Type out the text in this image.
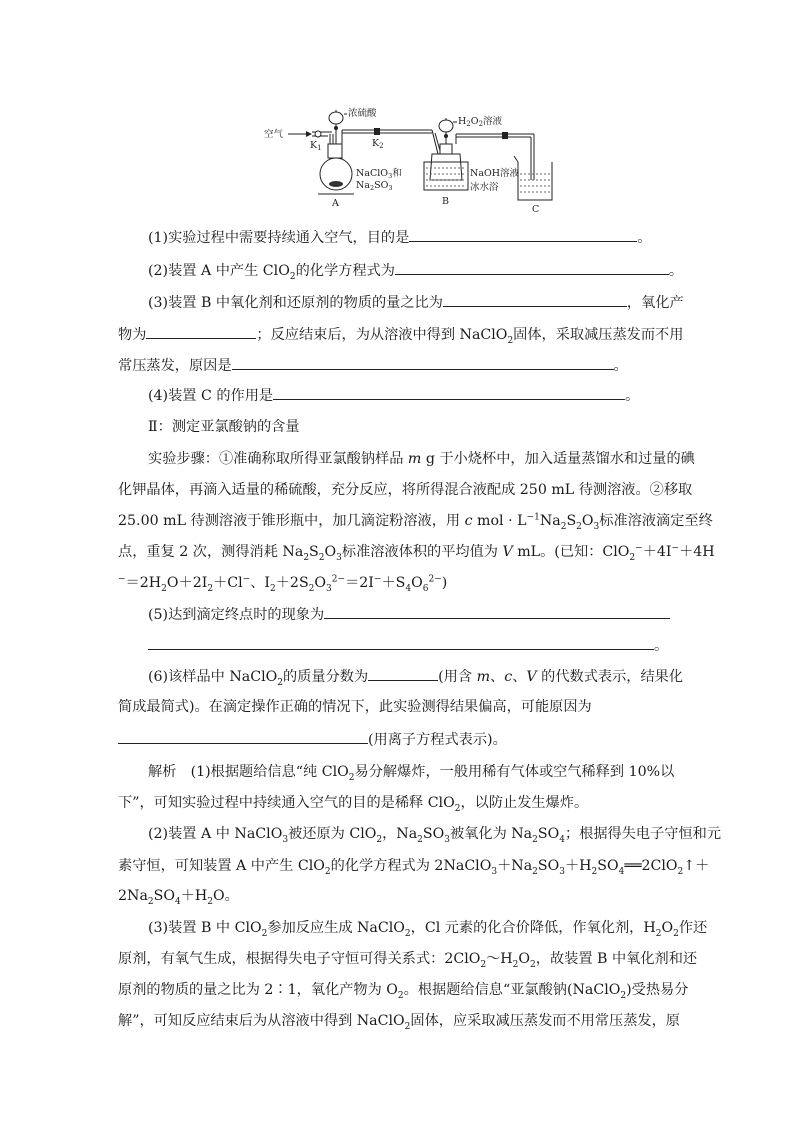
空气
$K_1$
浓硫酸
A
NaClO$_3$和
$Na_2SO_3$
$K_2$
$H_2O_2$溶液
B
NaOH溶液
冰水浴
C
(1)实验过程中需要持续通入空气，目的是	。
(2)装置 A 中产生 ClO$_2$的化学方程式为	。
(3)装置 B 中氧化剂和还原剂的物质的量之比为	，氧化产
物为	；反应结束后，为从溶液中得到 NaClO$_2$固体，采取减压蒸发而不用
常压蒸发，原因是	。
(4)装置 C 的作用是	。
Ⅱ：测定亚氯酸钠的含量
实验步骤：①准确称取所得亚氯酸钠样品 m g 于小烧杯中，加入适量蒸馏水和过量的碘
化钾晶体，再滴入适量的稀硫酸，充分反应，将所得混合液配成 250 mL 待测溶液。②移取
25.00 mL 待测溶液于锥形瓶中，加几滴淀粉溶液，用 c mol · $L^{-1}Na_2S_2O_3$标准溶液滴定至终
点，重复 2 次，测得消耗 $Na_2S_2O_3$标准溶液体积的平均值为 V mL。(已知：ClO$_2$−＋4I−＋4H
$^-=2H_2O+2I_2+Cl^-$、$I_2+2S_2O_3^{2-}=2I^-+S_4O_6^{2-}$)
(5)达到滴定终点时的现象为
。
(6)该样品中 NaClO$_2$的质量分数为	(用含 m、c、V 的代数式表示，结果化
简成最简式)。在滴定操作正确的情况下，此实验测得结果偏高，可能原因为
(用离子方程式表示)。
解析　(1)根据题给信息“纯 ClO$_2$易分解爆炸，一般用稀有气体或空气稀释到 10%以
下”，可知实验过程中持续通入空气的目的是稀释 ClO$_2$，以防止发生爆炸。
(2)装置 A 中 NaClO$_3$被还原为 ClO$_2$，$Na_2SO_3$被氧化为 $Na_2SO_4$；根据得失电子守恒和元
素守恒，可知装置 A 中产生 ClO$_2$的化学方程式为 $2NaClO_3+Na_2SO_3+H_2SO_4══2ClO_2↑+$
$2Na_2SO_4+H_2O$。
(3)装置 B 中 ClO$_2$参加反应生成 NaClO$_2$，Cl 元素的化合价降低，作氧化剂，$H_2O_2$作还
原剂，有氧气生成，根据得失电子守恒可得关系式：$2ClO_2\sim H_2O_2$，故装置 B 中氧化剂和还
原剂的物质的量之比为 2∶1，氧化产物为 $O_2$。根据题给信息“亚氯酸钠(NaClO$_2$)受热易分
解”，可知反应结束后为从溶液中得到 NaClO$_2$固体，应采取减压蒸发而不用常压蒸发，原
